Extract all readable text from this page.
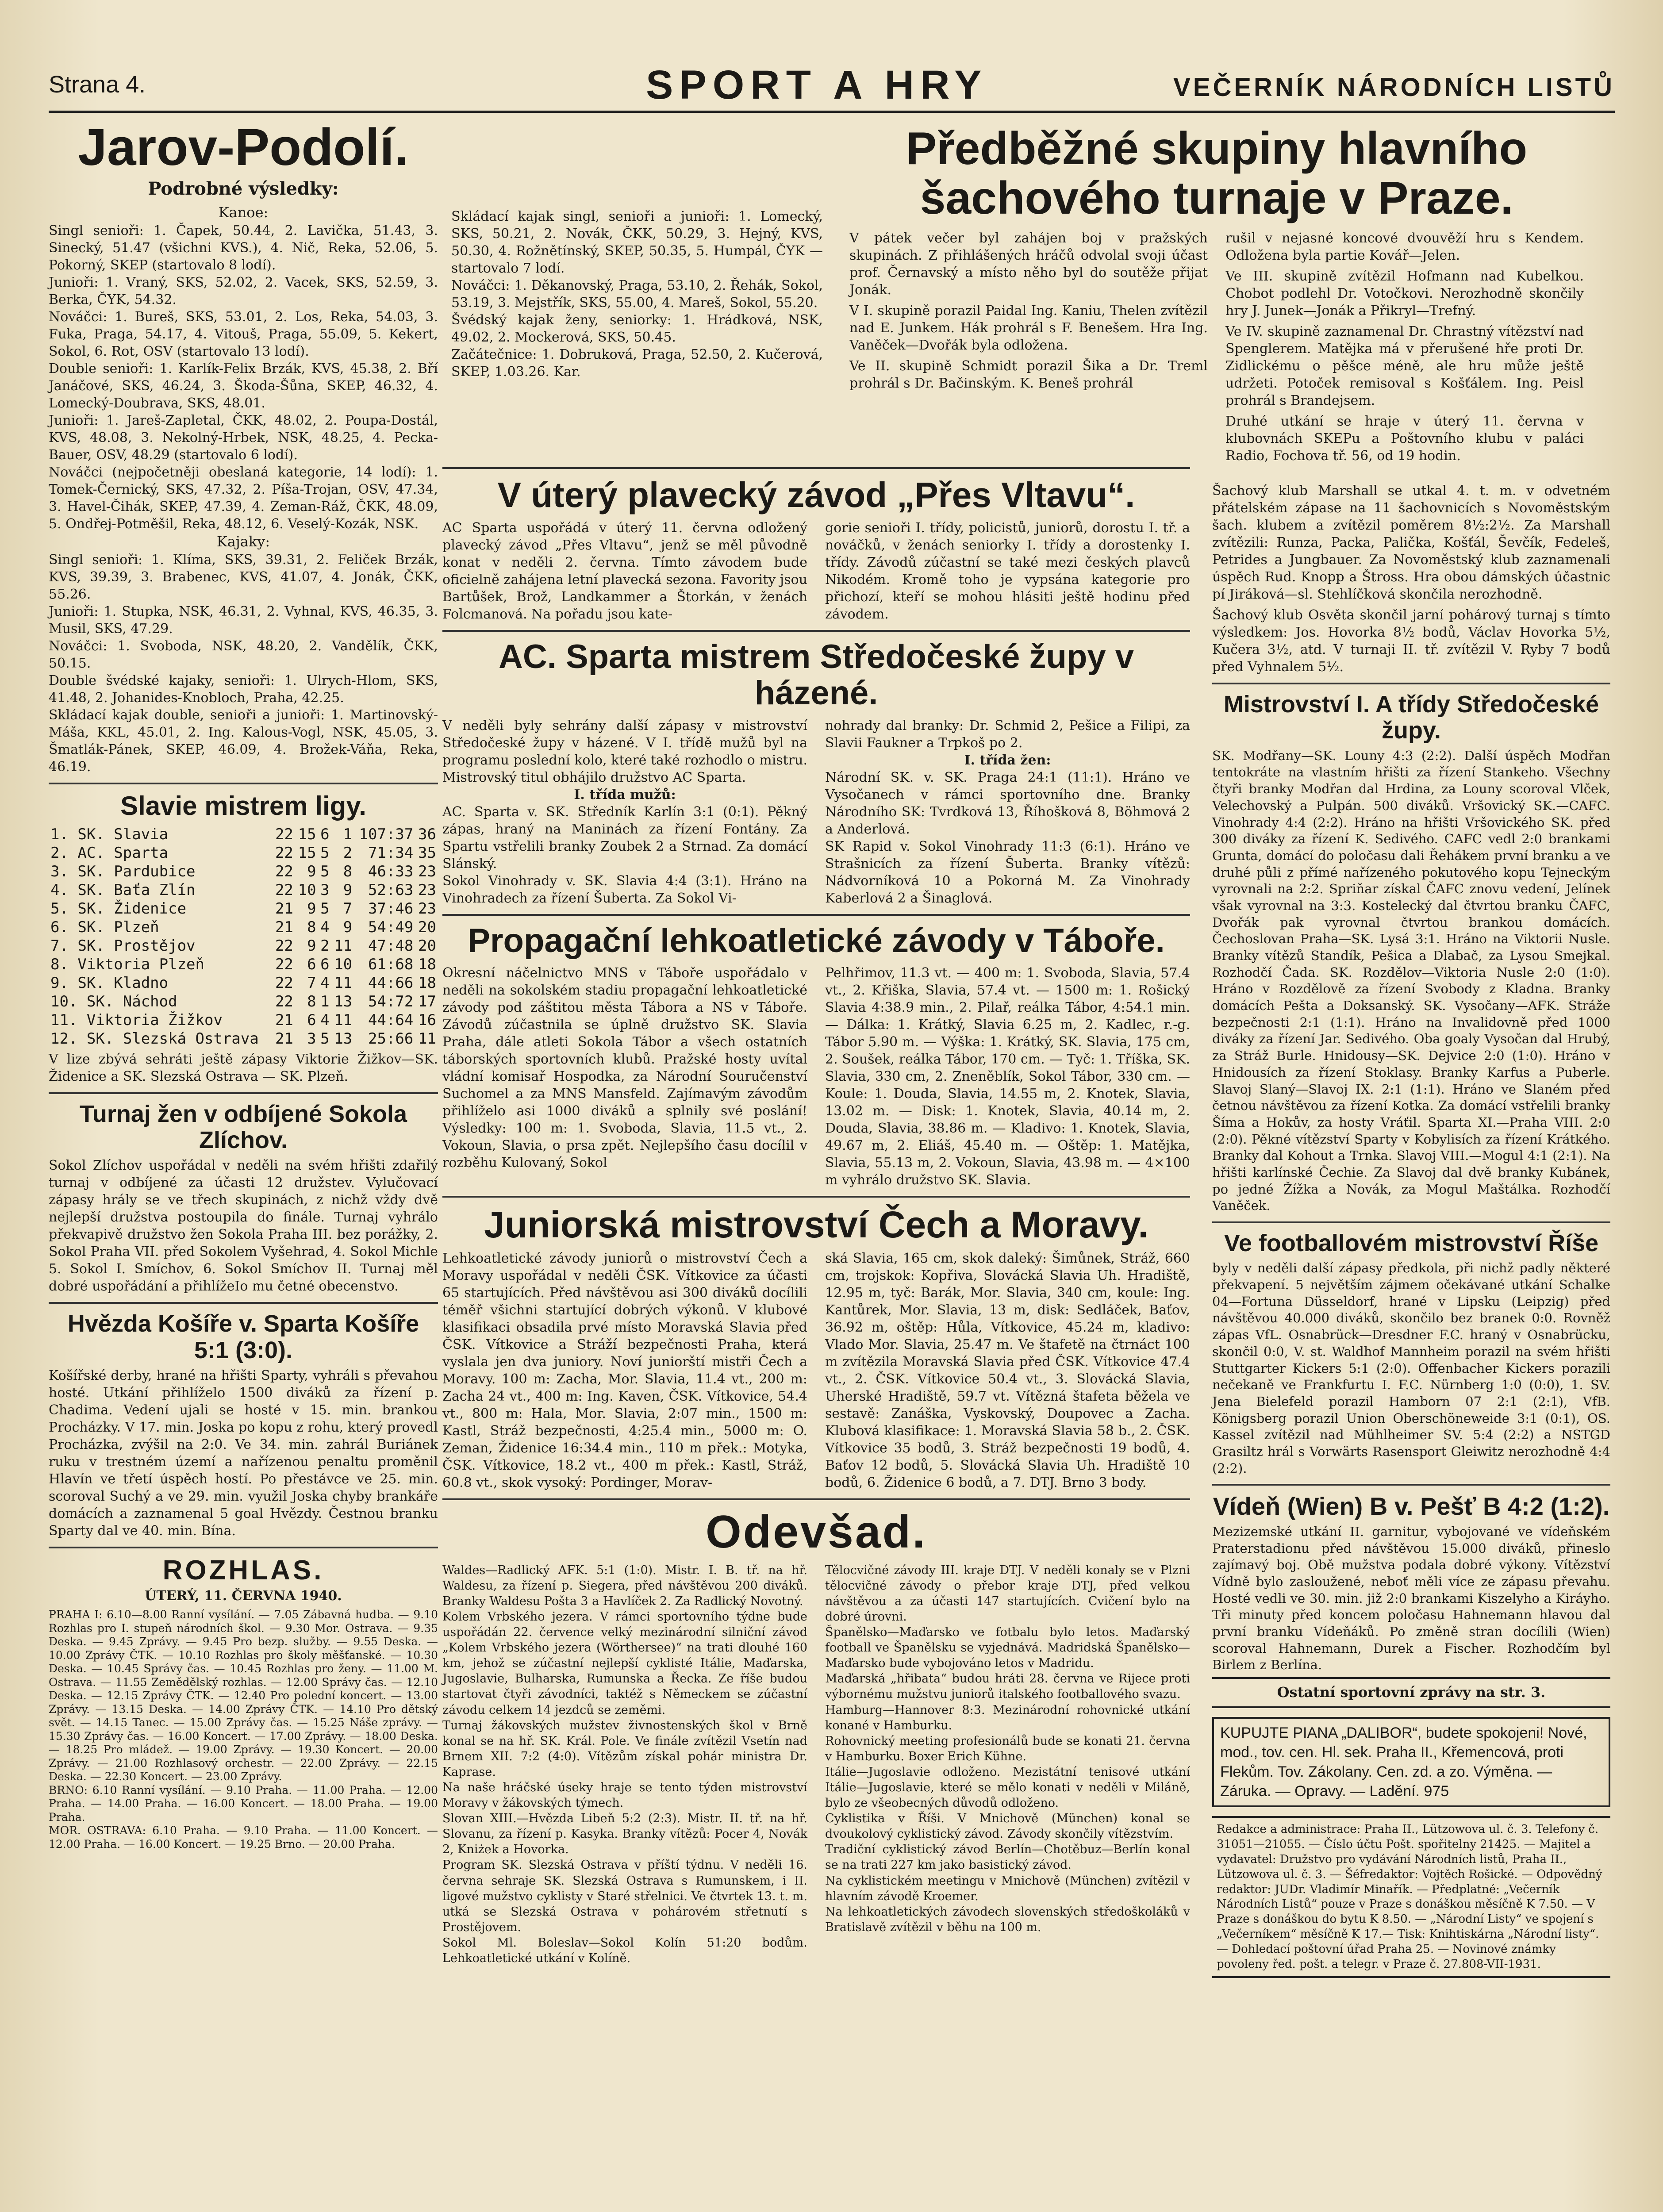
Strana 4.	SPORT A HRY	VEČERNÍK NÁRODNÍCH LISTŮ
Jarov-Podolí.
Podrobné výsledky:

Kanoe:

Singl senioři: 1. Čapek, 50.44, 2. Lavička, 51.43, 3. Sinecký, 51.47 (všichni KVS.), 4. Nič, Reka, 52.06, 5. Pokorný, SKEP (startovalo 8 lodí).

Junioři: 1. Vraný, SKS, 52.02, 2. Vacek, SKS, 52.59, 3. Berka, ČYK, 54.32.

Nováčci: 1. Bureš, SKS, 53.01, 2. Los, Reka, 54.03, 3. Fuka, Praga, 54.17, 4. Vitouš, Praga, 55.09, 5. Kekert, Sokol, 6. Rot, OSV (startovalo 13 lodí).

Double senioři: 1. Karlík-Felix Brzák, KVS, 45.38, 2. Bří Janáčové, SKS, 46.24, 3. Škoda-Šůna, SKEP, 46.32, 4. Lomecký-Doubrava, SKS, 48.01.

Junioři: 1. Jareš-Zapletal, ČKK, 48.02, 2. Poupa-Dostál, KVS, 48.08, 3. Nekolný-Hrbek, NSK, 48.25, 4. Pecka-Bauer, OSV, 48.29 (startovalo 6 lodí).

Nováčci (nejpočetněji obeslaná kategorie, 14 lodí): 1. Tomek-Černický, SKS, 47.32, 2. Píša-Trojan, OSV, 47.34, 3. Havel-Čihák, SKEP, 47.39, 4. Zeman-Ráž, ČKK, 48.09, 5. Ondřej-Potměšil, Reka, 48.12, 6. Veselý-Kozák, NSK.

Kajaky:

Singl senioři: 1. Klíma, SKS, 39.31, 2. Feliček Brzák, KVS, 39.39, 3. Brabenec, KVS, 41.07, 4. Jonák, ČKK, 55.26.

Junioři: 1. Stupka, NSK, 46.31, 2. Vyhnal, KVS, 46.35, 3. Musil, SKS, 47.29.

Nováčci: 1. Svoboda, NSK, 48.20, 2. Vandělík, ČKK, 50.15.

Double švédské kajaky, senioři: 1. Ulrych-Hlom, SKS, 41.48, 2. Johanides-Knobloch, Praha, 42.25.

Skládací kajak double, senioři a junioři: 1. Martinovský-Máša, KKL, 45.01, 2. Ing. Kalous-Vogl, NSK, 45.05, 3. Šmatlák-Pánek, SKEP, 46.09, 4. Brožek-Váňa, Reka, 46.19.

Slavie mistrem ligy.
1. SK. Slavia	22	15	6	1	107:37	36
2. AC. Sparta	22	15	5	2	71:34	35
3. SK. Pardubice	22	9	5	8	46:33	23
4. SK. Baťa Zlín	22	10	3	9	52:63	23
5. SK. Židenice	21	9	5	7	37:46	23
6. SK. Plzeň	21	8	4	9	54:49	20
7. SK. Prostějov	22	9	2	11	47:48	20
8. Viktoria Plzeň	22	6	6	10	61:68	18
9. SK. Kladno	22	7	4	11	44:66	18
10. SK. Náchod	22	8	1	13	54:72	17
11. Viktoria Žižkov	21	6	4	11	44:64	16
12. SK. Slezská Ostrava	21	3	5	13	25:66	11

V lize zbývá sehráti ještě zápasy Viktorie Žižkov—SK. Židenice a SK. Slezská Ostrava — SK. Plzeň.

Turnaj žen v odbíjené Sokola Zlíchov.

Sokol Zlíchov uspořádal v neděli na svém hřišti zdařilý turnaj v odbíjené za účasti 12 družstev. Vylučovací zápasy hrály se ve třech skupinách, z nichž vždy dvě nejlepší družstva postoupila do finále. Turnaj vyhrálo překvapivě družstvo žen Sokola Praha III. bez porážky, 2. Sokol Praha VII. před Sokolem Vyšehrad, 4. Sokol Michle 5. Sokol I. Smíchov, 6. Sokol Smíchov II. Turnaj měl dobré uspořádání a přihlížeIo mu četné obecenstvo.

Hvězda Košíře v. Sparta Košíře 5:1 (3:0).

Košířské derby, hrané na hřišti Sparty, vyhráli s převahou hosté. Utkání přihlíželo 1500 diváků za řízení p. Chadima. Vedení ujali se hosté v 15. min. brankou Procházky. V 17. min. Joska po kopu z rohu, který provedl Procházka, zvýšil na 2:0. Ve 34. min. zahrál Buriánek ruku v trestném území a nařízenou penaltu proměnil Hlavín ve třetí úspěch hostí. Po přestávce ve 25. min. scoroval Suchý a ve 29. min. využil Joska chyby brankáře domácích a zaznamenal 5 goal Hvězdy. Čestnou branku Sparty dal ve 40. min. Bína.

ROZHLAS.
ÚTERÝ, 11. ČERVNA 1940.

PRAHA I: 6.10—8.00 Ranní vysílání. — 7.05 Zábavná hudba. — 9.10 Rozhlas pro I. stupeň národních škol. — 9.30 Mor. Ostrava. — 9.35 Deska. — 9.45 Zprávy. — 9.45 Pro bezp. služby. — 9.55 Deska. — 10.00 Zprávy ČTK. — 10.10 Rozhlas pro školy měšťanské. — 10.30 Deska. — 10.45 Správy čas. — 10.45 Rozhlas pro ženy. — 11.00 M. Ostrava. — 11.55 Zemědělský rozhlas. — 12.00 Správy čas. — 12.10 Deska. — 12.15 Zprávy ČTK. — 12.40 Pro polední koncert. — 13.00 Zprávy. — 13.15 Deska. — 14.00 Zprávy ČTK. — 14.10 Pro dětský svět. — 14.15 Tanec. — 15.00 Zprávy čas. — 15.25 Náše zprávy. — 15.30 Zprávy čas. — 16.00 Koncert. — 17.00 Zprávy. — 18.00 Deska. — 18.25 Pro mládež. — 19.00 Zprávy. — 19.30 Koncert. — 20.00 Zprávy. — 21.00 Rozhlasový orchestr. — 22.00 Zprávy. — 22.15 Deska. — 22.30 Koncert. — 23.00 Zprávy.

BRNO: 6.10 Ranní vysílání. — 9.10 Praha. — 11.00 Praha. — 12.00 Praha. — 14.00 Praha. — 16.00 Koncert. — 18.00 Praha. — 19.00 Praha.

MOR. OSTRAVA: 6.10 Praha. — 9.10 Praha. — 11.00 Koncert. — 12.00 Praha. — 16.00 Koncert. — 19.25 Brno. — 20.00 Praha.

Skládací kajak singl, senioři a junioři: 1. Lomecký, SKS, 50.21, 2. Novák, ČKK, 50.29, 3. Hejný, KVS, 50.30, 4. Rožnětínský, SKEP, 50.35, 5. Humpál, ČYK — startovalo 7 lodí.

Nováčci: 1. Děkanovský, Praga, 53.10, 2. Řehák, Sokol, 53.19, 3. Mejstřík, SKS, 55.00, 4. Mareš, Sokol, 55.20.

Švédský kajak ženy, seniorky: 1. Hrádková, NSK, 49.02, 2. Mockerová, SKS, 50.45.

Začátečnice: 1. Dobruková, Praga, 52.50, 2. Kučerová, SKEP, 1.03.26. Kar.

Předběžné skupiny hlavního šachového turnaje v Praze.

V pátek večer byl zahájen boj v pražských skupinách. Z přihlášených hráčů odvolal svoji účast prof. Černavský a místo něho byl do soutěže přijat Jonák.

V I. skupině porazil Paidal Ing. Kaniu, Thelen zvítězil nad E. Junkem. Hák prohrál s F. Benešem. Hra Ing. Vaněček—Dvořák byla odložena.

Ve II. skupině Schmidt porazil Šika a Dr. Treml prohrál s Dr. Bačinským. K. Beneš prohrál

rušil v nejasné koncové dvouvěží hru s Kendem. Odložena byla partie Kovář—Jelen.

Ve III. skupině zvítězil Hofmann nad Kubelkou. Chobot podlehl Dr. Votočkovi. Nerozhodně skončily hry J. Junek—Jonák a Přikryl—Trefný.

Ve IV. skupině zaznamenal Dr. Chrastný vítězství nad Spenglerem. Matějka má v přerušené hře proti Dr. Zidlickému o pěšce méně, ale hru může ještě udržeti. Potoček remisoval s Košťálem. Ing. Peisl prohrál s Brandejsem.

Druhé utkání se hraje v úterý 11. června v klubovnách SKEPu a Poštovního klubu v paláci Radio, Fochova tř. 56, od 19 hodin.

V úterý plavecký závod „Přes Vltavu“.

AC Sparta uspořádá v úterý 11. června odložený plavecký závod „Přes Vltavu“, jenž se měl původně konat v neděli 2. června. Tímto závodem bude oficielně zahájena letní plavecká sezona. Favority jsou Bartůšek, Brož, Landkammer a Štorkán, v ženách Folcmanová. Na pořadu jsou kate-

gorie senioři I. třídy, policistů, juniorů, dorostu I. tř. a nováčků, v ženách seniorky I. třídy a dorostenky I. třídy. Závodů zúčastní se také mezi českých plavců Nikodém. Kromě toho je vypsána kategorie pro přichozí, kteří se mohou hlásiti ještě hodinu před závodem.

AC. Sparta mistrem Středočeské župy v házené.

V neděli byly sehrány další zápasy v mistrovství Středočeské župy v házené. V I. třídě mužů byl na programu poslední kolo, které také rozhodlo o mistru. Mistrovský titul obhájilo družstvo AC Sparta.

I. třída mužů:

AC. Sparta v. SK. Středník Karlín 3:1 (0:1). Pěkný zápas, hraný na Maninách za řízení Fontány. Za Spartu vstřelili branky Zoubek 2 a Strnad. Za domácí Slánský.

Sokol Vinohrady v. SK. Slavia 4:4 (3:1). Hráno na Vinohradech za řízení Šuberta. Za Sokol Vi-

nohrady dal branky: Dr. Schmid 2, Pešice a Filipi, za Slavii Faukner a Trpkoš po 2.

I. třída žen:

Národní SK. v. SK. Praga 24:1 (11:1). Hráno ve Vysočanech v rámci sportovního dne. Branky Národního SK: Tvrdková 13, Říhošková 8, Böhmová 2 a Anderlová.

SK Rapid v. Sokol Vinohrady 11:3 (6:1). Hráno ve Strašnicích za řízení Šuberta. Branky vítězů: Nádvorníková 10 a Pokorná M. Za Vinohrady Kaberlová 2 a Šinaglová.

Propagační lehkoatletické závody v Táboře.

Okresní náčelnictvo MNS v Táboře uspořádalo v neděli na sokolském stadiu propagační lehkoatletické závody pod záštitou města Tábora a NS v Táboře. Závodů zúčastnila se úplně družstvo SK. Slavia Praha, dále atleti Sokola Tábor a všech ostatních táborských sportovních klubů. Pražské hosty uvítal vládní komisař Hospodka, za Národní Souručenství Suchomel a za MNS Mansfeld. Zajímavým závodům přihlíželo asi 1000 diváků a splnily své poslání! Výsledky: 100 m: 1. Svoboda, Slavia, 11.5 vt., 2. Vokoun, Slavia, o prsa zpět. Nejlepšího času docílil v rozběhu Kulovaný, Sokol

Pelhřimov, 11.3 vt. — 400 m: 1. Svoboda, Slavia, 57.4 vt., 2. Křiška, Slavia, 57.4 vt. — 1500 m: 1. Rošický Slavia 4:38.9 min., 2. Pilař, reálka Tábor, 4:54.1 min. — Dálka: 1. Krátký, Slavia 6.25 m, 2. Kadlec, r.-g. Tábor 5.90 m. — Výška: 1. Krátký, SK. Slavia, 175 cm, 2. Soušek, reálka Tábor, 170 cm. — Tyč: 1. Tříška, SK. Slavia, 330 cm, 2. Zneněblík, Sokol Tábor, 330 cm. — Koule: 1. Douda, Slavia, 14.55 m, 2. Knotek, Slavia, 13.02 m. — Disk: 1. Knotek, Slavia, 40.14 m, 2. Douda, Slavia, 38.86 m. — Kladivo: 1. Knotek, Slavia, 49.67 m, 2. Eliáš, 45.40 m. — Oštěp: 1. Matějka, Slavia, 55.13 m, 2. Vokoun, Slavia, 43.98 m. — 4×100 m vyhrálo družstvo SK. Slavia.

Juniorská mistrovství Čech a Moravy.

Lehkoatletické závody juniorů o mistrovství Čech a Moravy uspořádal v neděli ČSK. Vítkovice za účasti 65 startujících. Před návštěvou asi 300 diváků docílili téměř všichni startující dobrých výkonů. V klubové klasifikaci obsadila prvé místo Moravská Slavia před ČSK. Vítkovice a Stráží bezpečnosti Praha, která vyslala jen dva juniory. Noví juniorští mistři Čech a Moravy. 100 m: Zacha, Mor. Slavia, 11.4 vt., 200 m: Zacha 24 vt., 400 m: Ing. Kaven, ČSK. Vítkovice, 54.4 vt., 800 m: Hala, Mor. Slavia, 2:07 min., 1500 m: Kastl, Stráž bezpečnosti, 4:25.4 min., 5000 m: O. Zeman, Židenice 16:34.4 min., 110 m přek.: Motyka, ČSK. Vítkovice, 18.2 vt., 400 m přek.: Kastl, Stráž, 60.8 vt., skok vysoký: Pordinger, Morav-

ská Slavia, 165 cm, skok daleký: Šimůnek, Stráž, 660 cm, trojskok: Kopřiva, Slovácká Slavia Uh. Hradiště, 12.95 m, tyč: Barák, Mor. Slavia, 340 cm, koule: Ing. Kantůrek, Mor. Slavia, 13 m, disk: Sedláček, Baťov, 36.92 m, oštěp: Hůla, Vítkovice, 45.24 m, kladivo: Vlado Mor. Slavia, 25.47 m. Ve štafetě na čtrnáct 100 m zvítězila Moravská Slavia před ČSK. Vítkovice 47.4 vt., 2. ČSK. Vítkovice 50.4 vt., 3. Slovácká Slavia, Uherské Hradiště, 59.7 vt. Vítězná štafeta běžela ve sestavě: Zanáška, Vyskovský, Doupovec a Zacha. Klubová klasifikace: 1. Moravská Slavia 58 b., 2. ČSK. Vítkovice 35 bodů, 3. Stráž bezpečnosti 19 bodů, 4. Baťov 12 bodů, 5. Slovácká Slavia Uh. Hradiště 10 bodů, 6. Židenice 6 bodů, a 7. DTJ. Brno 3 body.

Odevšad.

Waldes—Radlický AFK. 5:1 (1:0). Mistr. I. B. tř. na hř. Waldesu, za řízení p. Siegera, před návštěvou 200 diváků. Branky Waldesu Pošta 3 a Havlíček 2. Za Radlický Novotný.

Kolem Vrbského jezera. V rámci sportovního týdne bude uspořádán 22. července velký mezinárodní silniční závod „Kolem Vrbského jezera (Wörthersee)“ na trati dlouhé 160 km, jehož se zúčastní nejlepší cyklisté Itálie, Maďarska, Jugoslavie, Bulharska, Rumunska a Řecka. Ze říše budou startovat čtyři závodníci, taktéž s Německem se zúčastní závodu celkem 14 jezdců se zeměmi.

Turnaj žákovských mužstev živnostenských škol v Brně konal se na hř. SK. Král. Pole. Ve finále zvítězil Vsetín nad Brnem XII. 7:2 (4:0). Vítězům získal pohár ministra Dr. Kaprase.

Na naše hráčské úseky hraje se tento týden mistrovství Moravy v žákovských týmech.

Slovan XIII.—Hvězda Libeň 5:2 (2:3). Mistr. II. tř. na hř. Slovanu, za řízení p. Kasyka. Branky vítězů: Pocer 4, Novák 2, Kniżek a Hovorka.

Program SK. Slezská Ostrava v příští týdnu. V neděli 16. června sehraje SK. Slezská Ostrava s Rumunskem, i II. ligové mužstvo cyklisty v Staré střelnici. Ve čtvrtek 13. t. m. utká se Slezská Ostrava v pohárovém střetnutí s Prostějovem.

Sokol Ml. Boleslav—Sokol Kolín 51:20 bodům. Lehkoatletické utkání v Kolíně.

Tělocvičné závody III. kraje DTJ. V neděli konaly se v Plzni tělocvičné závody o přebor kraje DTJ, před velkou návštěvou a za účasti 147 startujících. Cvičení bylo na dobré úrovni.

Španělsko—Maďarsko ve fotbalu bylo letos. Maďarský football ve Španělsku se vyjednává. Madridská Španělsko—Maďarsko bude vybojováno letos v Madridu.

Maďarská „hřibata“ budou hráti 28. června ve Rijece proti výbornému mužstvu juniorů italského footballového svazu.

Hamburg—Hannover 8:3. Mezinárodní rohovnické utkání konané v Hamburku.

Rohovnický meeting profesionálů bude se konati 21. června v Hamburku. Boxer Erich Kühne.

Itálie—Jugoslavie odloženo. Mezistátní tenisové utkání Itálie—Jugoslavie, které se mělo konati v neděli v Miláně, bylo ze všeobecných důvodů odloženo.

Cyklistika v Říši. V Mnichově (München) konal se dvoukolový cyklistický závod. Závody skončily vítězstvím.

Tradiční cyklistický závod Berlín—Chotěbuz—Berlín konal se na trati 227 km jako basistický závod.

Na cyklistickém meetingu v Mnichově (München) zvítězil v hlavním závodě Kroemer.

Na lehkoatletických závodech slovenských středoškoláků v Bratislavě zvítězil v běhu na 100 m.

Šachový klub Marshall se utkal 4. t. m. v odvetném přátelském zápase na 11 šachovnicích s Novoměstským šach. klubem a zvítězil poměrem 8½:2½. Za Marshall zvítězili: Runza, Packa, Palička, Košťál, Ševčík, Fedeleš, Petrides a Jungbauer. Za Novoměstský klub zaznamenali úspěch Rud. Knopp a Štross. Hra obou dámských účastnic pí Jiráková—sl. Stehlíčková skončila nerozhodně.

Šachový klub Osvěta skončil jarní pohárový turnaj s tímto výsledkem: Jos. Hovorka 8½ bodů, Václav Hovorka 5½, Kučera 3½, atd. V turnaji II. tř. zvítězil V. Ryby 7 bodů před Vyhnalem 5½.

Mistrovství I. A třídy Středočeské župy.

SK. Modřany—SK. Louny 4:3 (2:2). Další úspěch Modřan tentokráte na vlastním hřišti za řízení Stankeho. Všechny čtyři branky Modřan dal Hrdina, za Louny scoroval Vlček, Velechovský a Pulpán. 500 diváků. Vršovický SK.—CAFC. Vinohrady 4:4 (2:2). Hráno na hřišti Vršovického SK. před 300 diváky za řízení K. Sedivého. CAFC vedl 2:0 brankami Grunta, domácí do poločasu dali Řehákem první branku a ve druhé půli z přímé nařízeného pokutového kopu Tejneckým vyrovnali na 2:2. Spriňar získal ČAFC znovu vedení, Jelínek však vyrovnal na 3:3. Kostelecký dal čtvrtou branku ČAFC, Dvořák pak vyrovnal čtvrtou brankou domácích. Čechoslovan Praha—SK. Lysá 3:1. Hráno na Viktorii Nusle. Branky vítězů Standík, Pešica a Dlabač, za Lysou Smejkal. Rozhodčí Čada. SK. Rozdělov—Viktoria Nusle 2:0 (1:0). Hráno v Rozdělově za řízení Svobody z Kladna. Branky domácích Pešta a Doksanský. SK. Vysočany—AFK. Stráže bezpečnosti 2:1 (1:1). Hráno na Invalidovně před 1000 diváky za řízení Jar. Sedivého. Oba goaly Vysočan dal Hrubý, za Stráž Burle. Hnidousy—SK. Dejvice 2:0 (1:0). Hráno v Hnidousích za řízení Stoklasy. Branky Karfus a Puberle. Slavoj Slaný—Slavoj IX. 2:1 (1:1). Hráno ve Slaném před četnou návštěvou za řízení Kotka. Za domácí vstřelili branky Šíma a Hokův, za hosty Vráťil. Sparta XI.—Praha VIII. 2:0 (2:0). Pěkné vítězství Sparty v Kobylisích za řízení Krátkého. Branky dal Kohout a Trnka. Slavoj VIII.—Mogul 4:1 (2:1). Na hřišti karlínské Čechie. Za Slavoj dal dvě branky Kubánek, po jedné Žížka a Novák, za Mogul Maštálka. Rozhodčí Vaněček.

Ve footballovém mistrovství Říše

byly v neděli další zápasy předkola, při nichž padly některé překvapení. 5 největším zájmem očekávané utkání Schalke 04—Fortuna Düsseldorf, hrané v Lipsku (Leipzig) před návštěvou 40.000 diváků, skončilo bez branek 0:0. Rovněž zápas VfL. Osnabrück—Dresdner F.C. hraný v Osnabrücku, skončil 0:0, V. st. Waldhof Mannheim porazil na svém hřišti Stuttgarter Kickers 5:1 (2:0). Offenbacher Kickers porazili nečekaně ve Frankfurtu I. F.C. Nürnberg 1:0 (0:0), 1. SV. Jena Bielefeld porazil Hamborn 07 2:1 (2:1), VfB. Königsberg porazil Union Oberschöneweide 3:1 (0:1), OS. Kassel zvítězil nad Mühlheimer SV. 5:4 (2:2) a NSTGD Grasiltz hrál s Vorwärts Rasensport Gleiwitz nerozhodně 4:4 (2:2).

Vídeň (Wien) B v. Pešť B 4:2 (1:2).

Mezizemské utkání II. garnitur, vybojované ve vídeňském Praterstadionu před návštěvou 15.000 diváků, přineslo zajímavý boj. Obě mužstva podala dobré výkony. Vítězství Vídně bylo zasloužené, neboť měli více ze zápasu převahu. Hosté vedli ve 30. min. již 2:0 brankami Kiszelyho a Kiráyho. Tři minuty před koncem poločasu Hahnemann hlavou dal první branku Vídeňáků. Po změně stran docílili (Wien) scoroval Hahnemann, Durek a Fischer. Rozhodčím byl Birlem z Berlína.

Ostatní sportovní zprávy na str. 3.
KUPUJTE PIANA „DALIBOR“, budete spokojeni! Nové, mod., tov. cen. Hl. sek. Praha II., Křemencová, proti Flekům. Tov. Zákolany. Cen. zd. a zo. Výměna. — Záruka. — Opravy. — Ladění. 975
Redakce a administrace: Praha II., Lützowova ul. č. 3. Telefony č. 31051—21055. — Číslo účtu Pošt. spořitelny 21425. — Majitel a vydavatel: Družstvo pro vydávání Národních listů, Praha II., Lützowova ul. č. 3. — Šéfredaktor: Vojtěch Rošické. — Odpovědný redaktor: JUDr. Vladimír Minařík. — Předplatné: „Večerník Národních Listů“ pouze v Praze s donáškou měsíčně K 7.50. — V Praze s donáškou do bytu K 8.50. — „Národní Listy“ ve spojení s „Večerníkem“ měsíčně K 17.— Tisk: Knihtiskárna „Národní listy“. — Dohledací poštovní úřad Praha 25. — Novinové známky povoleny řed. pošt. a telegr. v Praze č. 27.808-VII-1931.
